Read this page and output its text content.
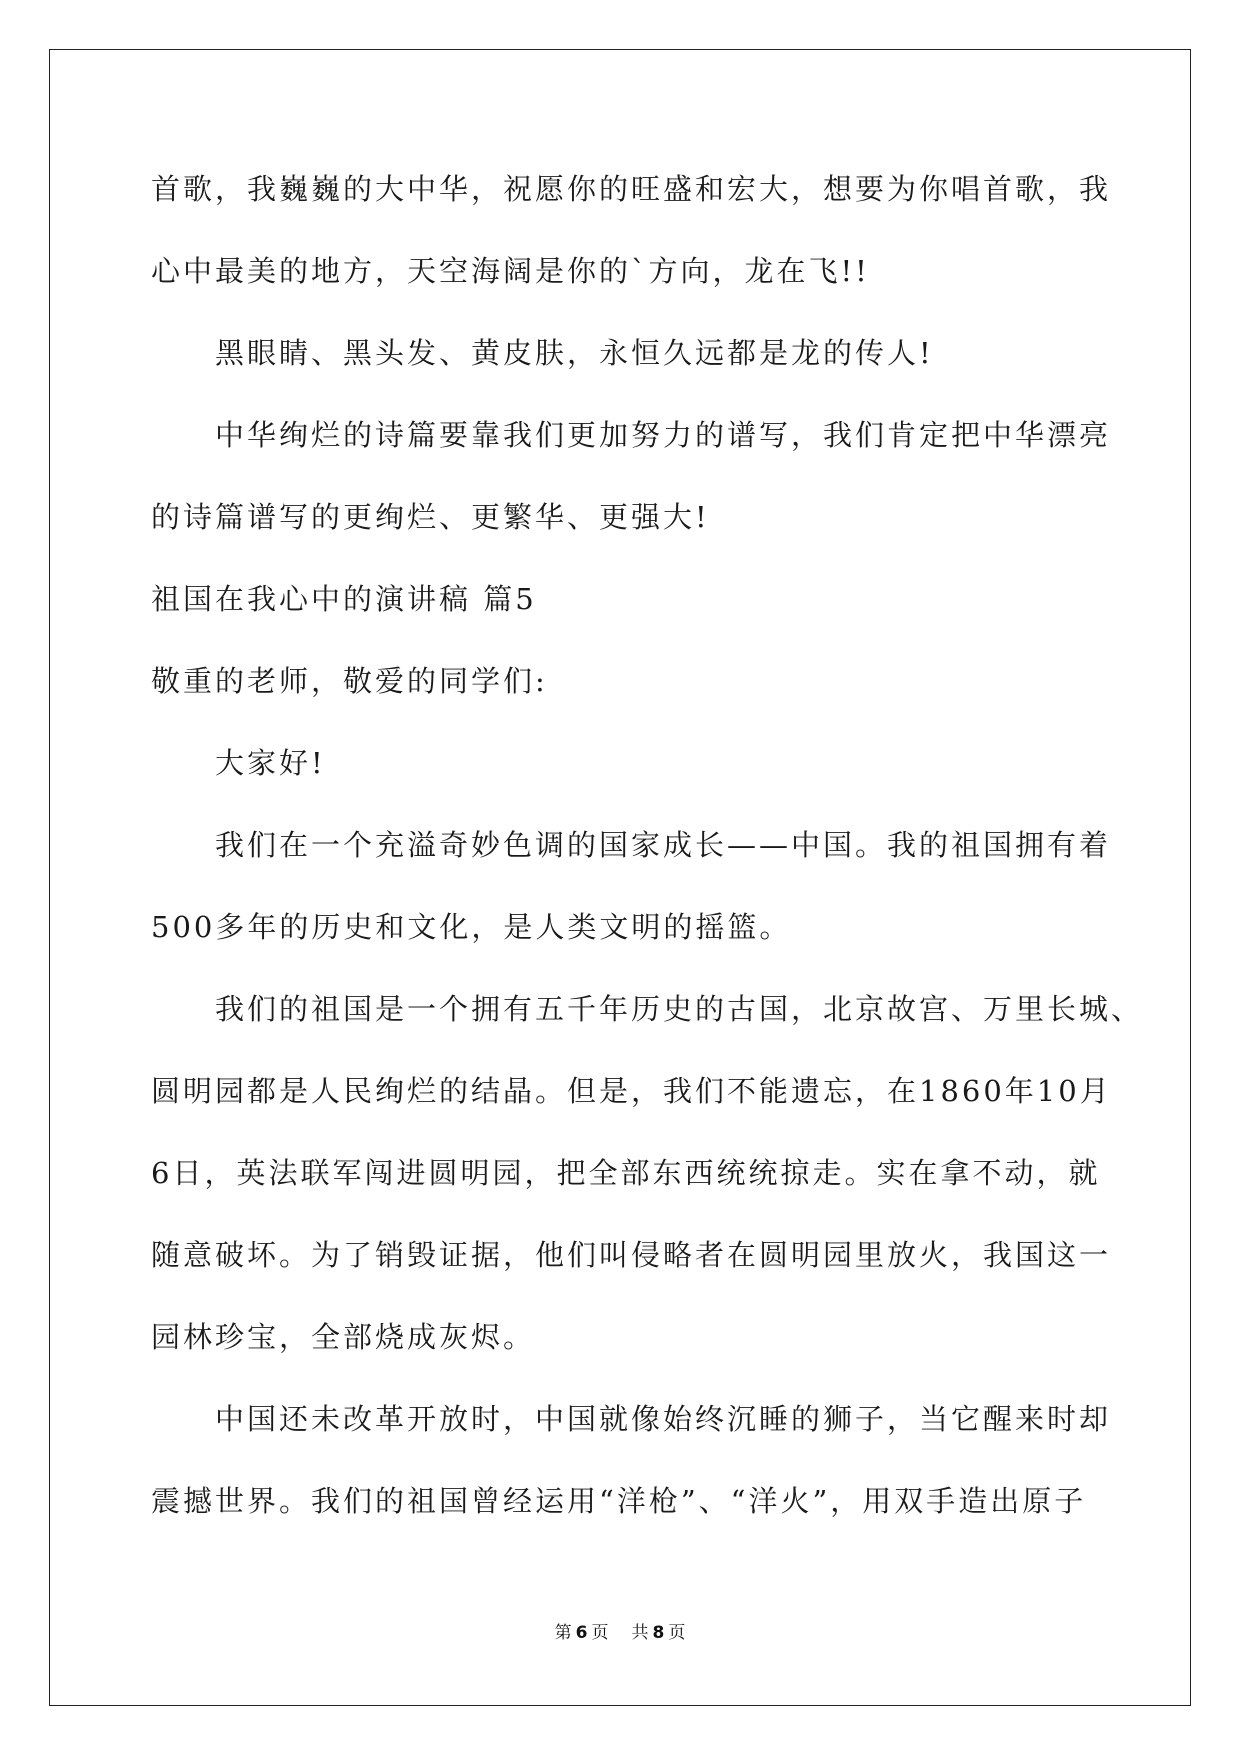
首歌，我巍巍的大中华，祝愿你的旺盛和宏大，想要为你唱首歌，我
心中最美的地方，天空海阔是你的`方向，龙在飞!!
黑眼睛、黑头发、黄皮肤，永恒久远都是龙的传人!
中华绚烂的诗篇要靠我们更加努力的谱写，我们肯定把中华漂亮
的诗篇谱写的更绚烂、更繁华、更强大!
祖国在我心中的演讲稿 篇5
敬重的老师，敬爱的同学们:
大家好!
我们在一个充溢奇妙色调的国家成长——中国。我的祖国拥有着
500多年的历史和文化，是人类文明的摇篮。
我们的祖国是一个拥有五千年历史的古国，北京故宫、万里长城、
圆明园都是人民绚烂的结晶。但是，我们不能遗忘，在1860年10月
6日，英法联军闯进圆明园，把全部东西统统掠走。实在拿不动，就
随意破坏。为了销毁证据，他们叫侵略者在圆明园里放火，我国这一
园林珍宝，全部烧成灰烬。
中国还未改革开放时，中国就像始终沉睡的狮子，当它醒来时却
震撼世界。我们的祖国曾经运用“洋枪”、“洋火”，用双手造出原子
第 6 页 共 8 页
